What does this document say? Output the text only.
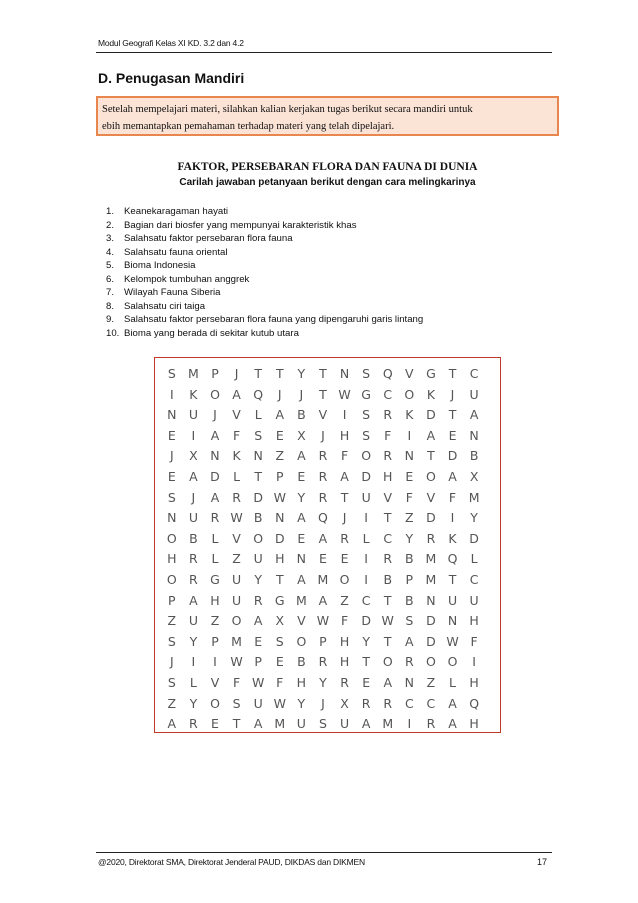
Modul Geografi Kelas XI KD. 3.2 dan 4.2
D. Penugasan Mandiri
Setelah mempelajari materi, silahkan kalian kerjakan tugas berikut secara mandiri untuk
ebih memantapkan pemahaman terhadap materi yang telah dipelajari.
FAKTOR, PERSEBARAN FLORA DAN FAUNA DI DUNIA
Carilah jawaban petanyaan berikut dengan cara melingkarinya
1. Keanekaragaman hayati
2. Bagian dari biosfer yang mempunyai karakteristik khas
3. Salahsatu faktor persebaran flora fauna
4. Salahsatu fauna oriental
5. Bioma Indonesia
6. Kelompok tumbuhan anggrek
7. Wilayah Fauna Siberia
8. Salahsatu ciri taiga
9. Salahsatu faktor persebaran flora fauna yang dipengaruhi garis lintang
10. Bioma yang berada di sekitar kutub utara
S M P	J	T	T	Y	T	N	S	Q V G	T	C
I	K	O A Q	J	J	T W G C O	K	J	U
N U	J	V	L	A	B	V	I	S	R	K	D	T	A
E	I	A	F	S	E	X	J	H	S	F	I	A	E	N
J	X	N	K	N	Z	A	R	F	O R	N	T	D B
E	A D	L	T	P	E	R	A D H	E	O A	X
S	J	A	R D W Y	R	T	U	V	F	V	F	M
N U	R W B	N	A Q	J	I	T	Z D	I	Y
O B	L	V O D	E	A	R	L	C	Y	R	K	D
H	R	L	Z	U H N	E	E	I	R	B M Q	L
O R G U	Y	T	A M O	I	B	P M T	C
P	A	H U	R G M A	Z	C	T	B	N U U
Z	U	Z O A	X	V W F	D W S	D N H
S	Y	P M E	S	O	P	H	Y	T	A D W F
J	I	I	W P	E	B	R	H	T	O R O O	I
S	L	V	F W F	H	Y	R	E	A	N	Z	L	H
Z	Y	O	S	U W Y	J	X	R	R	C	C	A Q
A	R	E	T	A M U	S	U	A M	I	R	A	H
@2020, Direktorat SMA, Direktorat Jenderal PAUD, DIKDAS dan DIKMEN	17
